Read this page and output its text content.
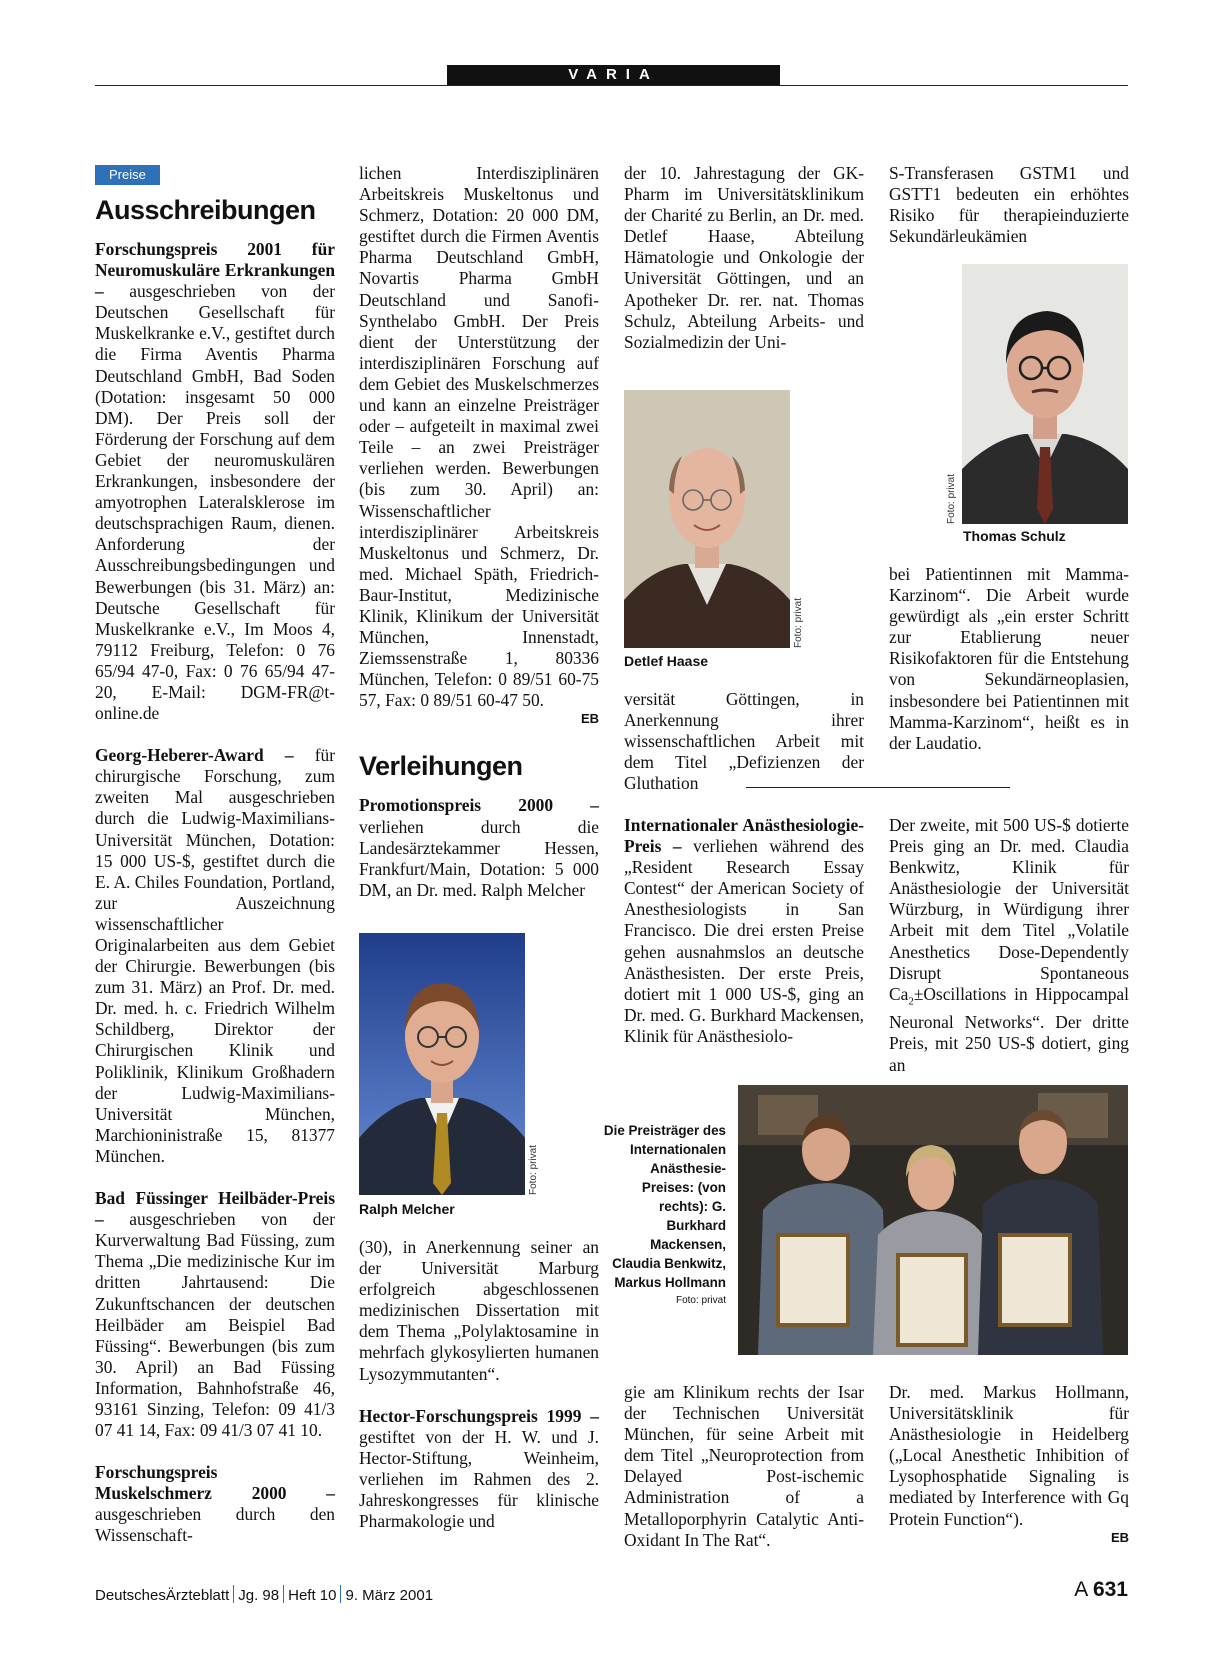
VARIA
Preise
Ausschreibungen

Forschungspreis 2001 für Neuromuskuläre Erkrankungen – ausgeschrieben von der Deutschen Gesellschaft für Muskelkranke e.V., gestiftet durch die Firma Aventis Pharma Deutschland GmbH, Bad Soden (Dotation: insgesamt 50 000 DM). Der Preis soll der Förderung der Forschung auf dem Gebiet der neuromuskulären Erkrankungen, insbesondere der amyotrophen Lateralsklerose im deutschsprachigen Raum, dienen. Anforderung der Ausschreibungsbedingungen und Bewerbungen (bis 31. März) an: Deutsche Gesellschaft für Muskelkranke e.V., Im Moos 4, 79112 Freiburg, Telefon: 0 76 65/94 47-0, Fax: 0 76 65/94 47-20, E-Mail: DGM-FR@t-online.de

Georg-Heberer-Award – für chirurgische Forschung, zum zweiten Mal ausgeschrieben durch die Ludwig-Maximilians-Universität München, Dotation: 15 000 US-$, gestiftet durch die E. A. Chiles Foundation, Portland, zur Auszeichnung wissenschaftlicher Originalarbeiten aus dem Gebiet der Chirurgie. Bewerbungen (bis zum 31. März) an Prof. Dr. med. Dr. med. h. c. Friedrich Wilhelm Schildberg, Direktor der Chirurgischen Klinik und Poliklinik, Klinikum Großhadern der Ludwig-Maximilians-Universität München, Marchioninistraße 15, 81377 München.

Bad Füssinger Heilbäder-Preis – ausgeschrieben von der Kurverwaltung Bad Füssing, zum Thema „Die medizinische Kur im dritten Jahrtausend: Die Zukunftschancen der deutschen Heilbäder am Beispiel Bad Füssing“. Bewerbungen (bis zum 30. April) an Bad Füssing Information, Bahnhofstraße 46, 93161 Sinzing, Telefon: 09 41/3 07 41 14, Fax: 09 41/3 07 41 10.

Forschungspreis Muskelschmerz 2000 – ausgeschrieben durch den Wissenschaft-

lichen Interdisziplinären Arbeitskreis Muskeltonus und Schmerz, Dotation: 20 000 DM, gestiftet durch die Firmen Aventis Pharma Deutschland GmbH, Novartis Pharma GmbH Deutschland und Sanofi-Synthelabo GmbH. Der Preis dient der Unterstützung der interdisziplinären Forschung auf dem Gebiet des Muskelschmerzes und kann an einzelne Preisträger oder – aufgeteilt in maximal zwei Teile – an zwei Preisträger verliehen werden. Bewerbungen (bis zum 30. April) an: Wissenschaftlicher interdisziplinärer Arbeitskreis Muskeltonus und Schmerz, Dr. med. Michael Späth, Friedrich-Baur-Institut, Medizinische Klinik, Klinikum der Universität München, Innenstadt, Ziemssenstraße 1, 80336 München, Telefon: 0 89/51 60-75 57, Fax: 0 89/51 60-47 50.

EB
Verleihungen

Promotionspreis 2000 – verliehen durch die Landesärztekammer Hessen, Frankfurt/Main, Dotation: 5 000 DM, an Dr. med. Ralph Melcher

Foto: privat
Ralph Melcher

(30), in Anerkennung seiner an der Universität Marburg erfolgreich abgeschlossenen medizinischen Dissertation mit dem Thema „Polylaktosamine in mehrfach glykosylierten humanen Lysozymmutanten“.

Hector-Forschungspreis 1999 – gestiftet von der H. W. und J. Hector-Stiftung, Weinheim, verliehen im Rahmen des 2. Jahreskongresses für klinische Pharmakologie und

der 10. Jahrestagung der GK-Pharm im Universitätsklinikum der Charité zu Berlin, an Dr. med. Detlef Haase, Abteilung Hämatologie und Onkologie der Universität Göttingen, und an Apotheker Dr. rer. nat. Thomas Schulz, Abteilung Arbeits- und Sozialmedizin der Uni-

Foto: privat
Detlef Haase

versität Göttingen, in Anerkennung ihrer wissenschaftlichen Arbeit mit dem Titel „Defizienzen der Gluthation

Internationaler Anästhesiologie-Preis – verliehen während des „Resident Research Essay Contest“ der American Society of Anesthesiologists in San Francisco. Die drei ersten Preise gehen ausnahmslos an deutsche Anästhesisten. Der erste Preis, dotiert mit 1 000 US-$, ging an Dr. med. G. Burkhard Mackensen, Klinik für Anästhesiolo-

S-Transferasen GSTM1 und GSTT1 bedeuten ein erhöhtes Risiko für therapieinduzierte Sekundärleukämien

Foto: privat
Thomas Schulz

bei Patientinnen mit Mamma-Karzinom“. Die Arbeit wurde gewürdigt als „ein erster Schritt zur Etablierung neuer Risikofaktoren für die Entstehung von Sekundärneoplasien, insbesondere bei Patientinnen mit Mamma-Karzinom“, heißt es in der Laudatio.

Der zweite, mit 500 US-$ dotierte Preis ging an Dr. med. Claudia Benkwitz, Klinik für Anästhesiologie der Universität Würzburg, in Würdigung ihrer Arbeit mit dem Titel „Volatile Anesthetics Dose-Dependently Disrupt Spontaneous $Ca_2\pm Oscillations$ in Hippocampal Neuronal Networks“. Der dritte Preis, mit 250 US-$ dotiert, ging an

Die Preisträger des Internationalen Anästhesie-Preises: (von rechts): G. Burkhard Mackensen, Claudia Benkwitz, Markus Hollmann
Foto: privat

gie am Klinikum rechts der Isar der Technischen Universität München, für seine Arbeit mit dem Titel „Neuroprotection from Delayed Post-ischemic Administration of a Metalloporphyrin Catalytic Anti-Oxidant In The Rat“.

Dr. med. Markus Hollmann, Universitätsklinik für Anästhesiologie in Heidelberg („Local Anesthetic Inhibition of Lysophosphatide Signaling is mediated by Interference with Gq Protein Function“).

EB
DeutschesÄrzteblatt Jg. 98 Heft 10 9. März 2001	A 631
